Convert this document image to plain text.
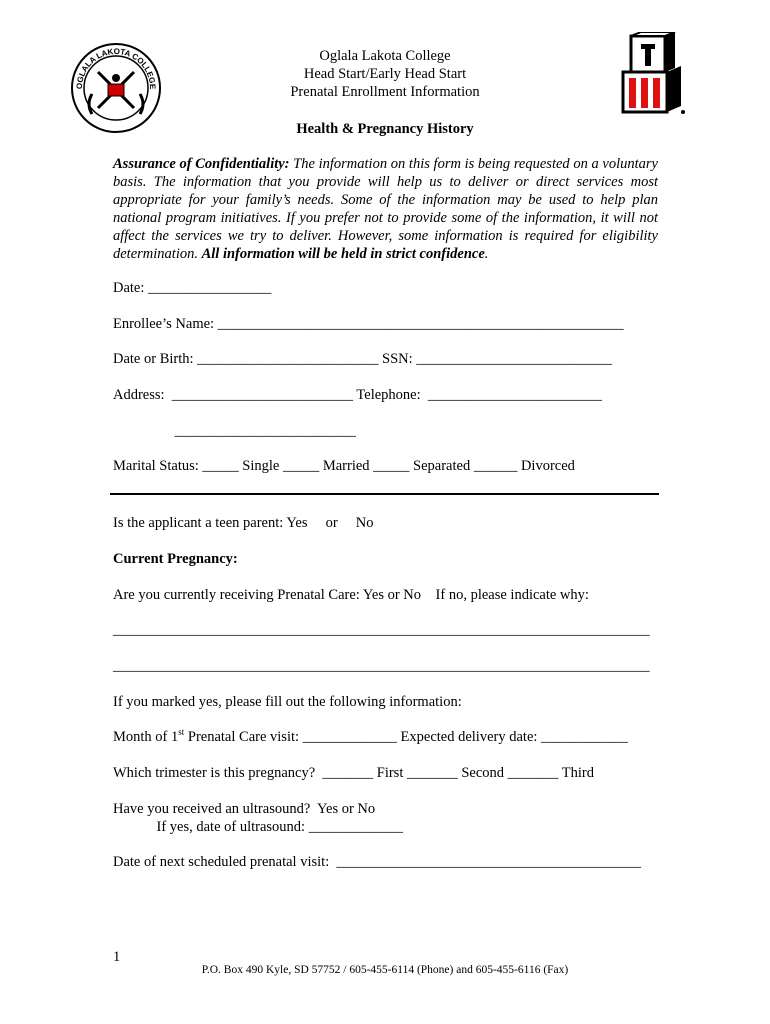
OGLALA LAKOTA COLLEGE
Oglala Lakota College
Head Start/Early Head Start
Prenatal Enrollment Information
Health & Pregnancy History
Assurance of Confidentiality: The information on this form is being requested on a voluntary basis. The information that you provide will help us to deliver or direct services most appropriate for your family’s needs. Some of the information may be used to help plan national program initiatives. If you prefer not to provide some of the information, it will not affect the services we try to deliver. However, some information is required for eligibility determination. All information will be held in strict confidence.
Date: _________________
Enrollee’s Name: ________________________________________________________
Date or Birth: _________________________ SSN: ___________________________
Address:  _________________________ Telephone:  ________________________
_________________________
Marital Status: _____ Single _____ Married _____ Separated ______ Divorced
Is the applicant a teen parent: Yes     or     No
Current Pregnancy:
Are you currently receiving Prenatal Care: Yes or No    If no, please indicate why:
__________________________________________________________________________
__________________________________________________________________________
If you marked yes, please fill out the following information:
Month of 1st Prenatal Care visit: _____________ Expected delivery date: ____________
Which trimester is this pregnancy?  _______ First _______ Second _______ Third
Have you received an ultrasound?  Yes or No
If yes, date of ultrasound: _____________
Date of next scheduled prenatal visit:  __________________________________________
1
P.O. Box 490 Kyle, SD 57752 / 605-455-6114 (Phone) and 605-455-6116 (Fax)
